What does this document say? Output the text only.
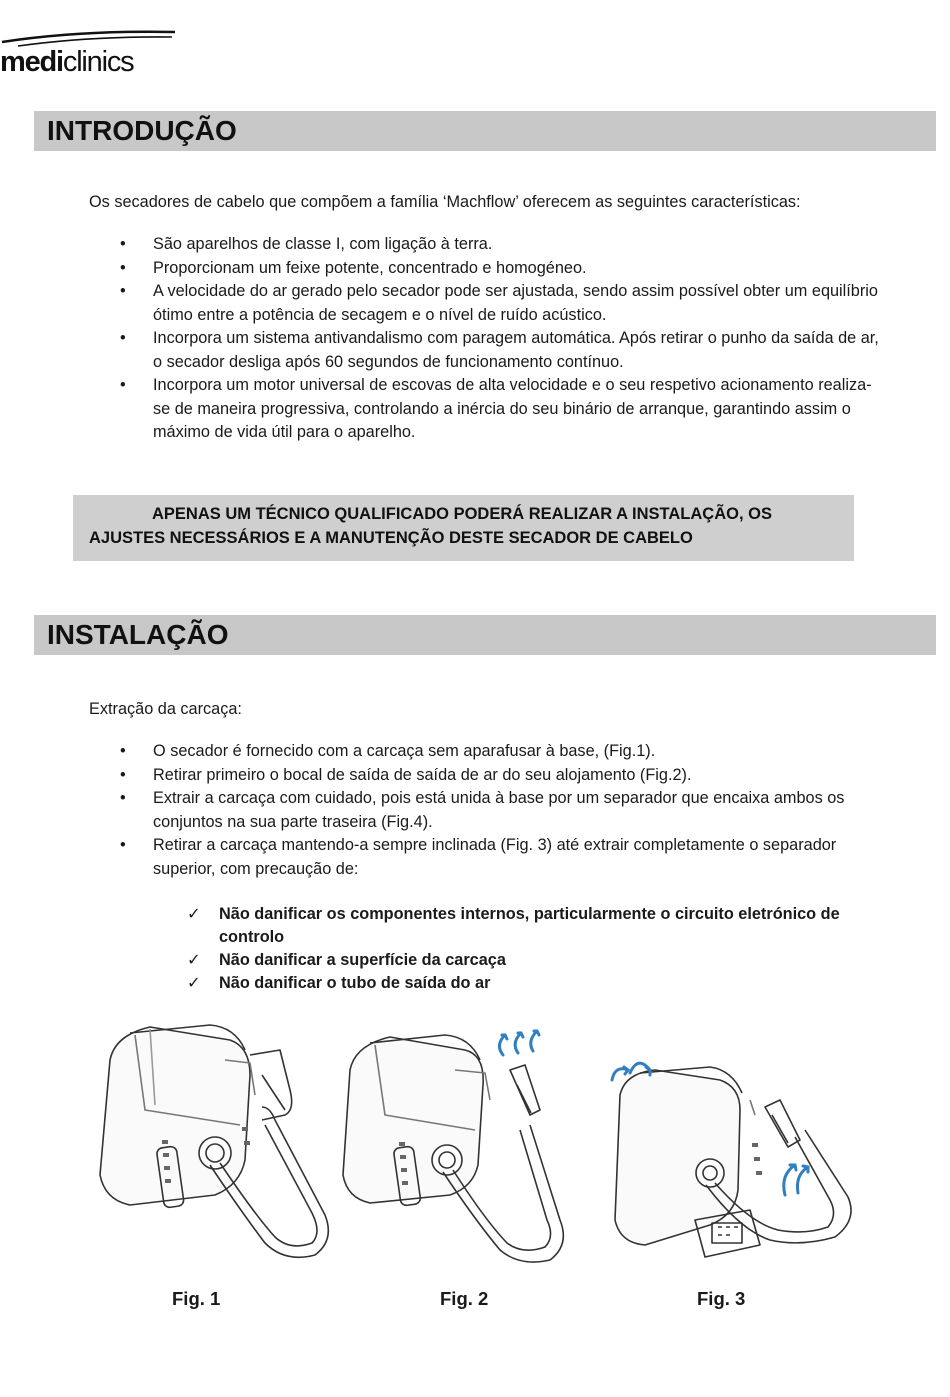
mediclinics
INTRODUÇÃO
Os secadores de cabelo que compõem a família ‘Machflow’ oferecem as seguintes características:
• São aparelhos de classe I, com ligação à terra.
• Proporcionam um feixe potente, concentrado e homogéneo.
• A velocidade do ar gerado pelo secador pode ser ajustada, sendo assim possível obter um equilíbrio ótimo entre a potência de secagem e o nível de ruído acústico.
• Incorpora um sistema antivandalismo com paragem automática. Após retirar o punho da saída de ar, o secador desliga após 60 segundos de funcionamento contínuo.
• Incorpora um motor universal de escovas de alta velocidade e o seu respetivo acionamento realiza-se de maneira progressiva, controlando a inércia do seu binário de arranque, garantindo assim o máximo de vida útil para o aparelho.
APENAS UM TÉCNICO QUALIFICADO PODERÁ REALIZAR A INSTALAÇÃO, OS AJUSTES NECESSÁRIOS E A MANUTENÇÃO DESTE SECADOR DE CABELO
INSTALAÇÃO
Extração da carcaça:
• O secador é fornecido com a carcaça sem aparafusar à base, (Fig.1).
• Retirar primeiro o bocal de saída de saída de ar do seu alojamento (Fig.2).
• Extrair a carcaça com cuidado, pois está unida à base por um separador que encaixa ambos os conjuntos na sua parte traseira (Fig.4).
• Retirar a carcaça mantendo-a sempre inclinada (Fig. 3) até extrair completamente o separador superior, com precaução de:
✓ Não danificar os componentes internos, particularmente o circuito eletrónico de controlo
✓ Não danificar a superfície da carcaça
✓ Não danificar o tubo de saída do ar
Fig. 1	Fig. 2	Fig. 3
